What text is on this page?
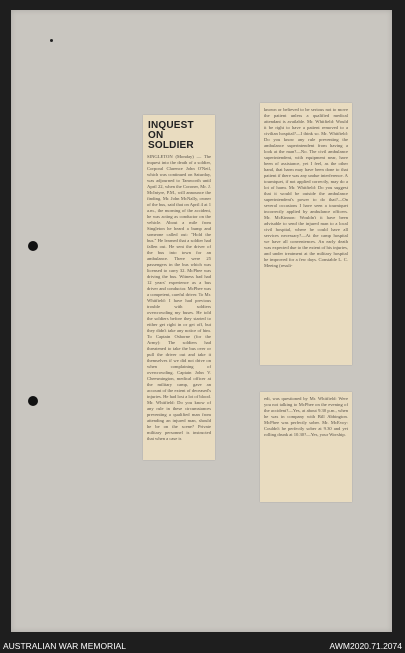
INQUEST ON SOLDIER
SINGLETON (Monday) — The inquest into the death of a soldier, Corporal Clarence John O'Neil, which was continued on Saturday, was adjourned to Tamworth until April 22, when the Coroner, Mr. J. McIntyre, P.M., will announce the finding. Mr. John McNally, owner of the bus, said that on April 4 at 1 a.m., the morning of the accident, he was acting as conductor on the vehicle. About a mile from Singleton he heard a bump and someone called out: "Hold the bus." He learned that a soldier had fallen out. He sent the driver of the bus into town for an ambulance. There were 25 passengers in the bus which was licensed to carry 32. McPhee was driving the bus. Witness had had 12 years' experience as a bus driver and conductor. McPhee was a competent, careful driver. To Mr. Whitfield: I have had previous trouble with soldiers overcrowding my buses. He told the soldiers before they started to either get right in or get off, but they didn't take any notice of him. To Captain Osborne (for the Army): The soldiers had threatened to take the bus over or pull the driver out and take it themselves if we did not drive on when complaining of overcrowding. Captain John V. Cheesmington, medical officer at the military camp, gave an account of the extent of deceased's injuries. He had lost a lot of blood. Mr. Whitfield: Do you know of any rule in these circumstances preventing a qualified man from attending an injured man, should he be on the scene? Private military personnel is instructed that when a case is
known or believed to be serious not to move the patient unless a qualified medical attendant is available. Mr. Whitfield: Would it be right to have a patient removed to a civilian hospital?—I think so. Mr. Whitfield: Do you know any rule preventing the ambulance superintendent from having a look at the man?—No. The civil ambulance superintendent, with equipment near, have been of assistance, yet I feel, as the other hand, that harm may have been done to that patient if there was any undue interference. A tourniquet, if not applied correctly, may do a lot of harm. Mr. Whitfield: Do you suggest that it would be outside the ambulance superintendent's power to do that?—On several occasions I have seen a tourniquet incorrectly applied by ambulance officers. Mr. McKinnon: Wouldn't it have been advisable to send the injured man to a local civil hospital, where he could have all services necessary?—At the camp hospital we have all conveniences. An early death was expected due to the extent of his injuries, and under treatment at the military hospital he improved for a few days. Constable L. C. Meeing (resuli-
edi, was questioned by Mr. Whitfield: Were you not talking to McPhee on the evening of the accident?—Yes, at about 9.30 p.m., when he was in company with Bill Abbington. McPhee was perfectly sober. Mr. McEvoy: Couldn't he perfectly sober at 9.30 and yet rolling drunk at 10.30?—Yes, your Worship.
AUSTRALIAN WAR MEMORIAL	AWM2020.71.2074
